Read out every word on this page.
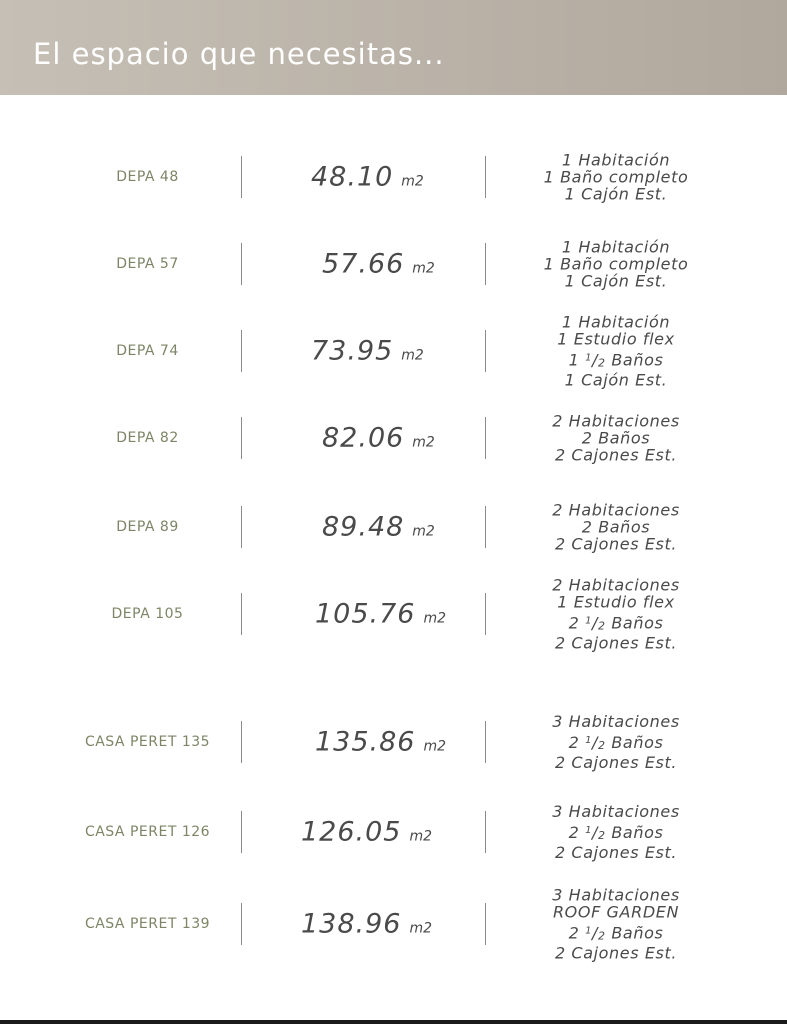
El espacio que necesitas...
DEPA 48	48.10 m2
1 Habitación
1 Baño completo
1 Cajón Est.
DEPA 57	57.66 m2
1 Habitación
1 Baño completo
1 Cajón Est.
DEPA 74	73.95 m2
1 Habitación
1 Estudio flex
1 $^1$/2 Baños
1 Cajón Est.
DEPA 82	82.06 m2
2 Habitaciones
2 Baños
2 Cajones Est.
DEPA 89	89.48 m2
2 Habitaciones
2 Baños
2 Cajones Est.
DEPA 105	105.76 m2
2 Habitaciones
1 Estudio flex
2 $^1$/2 Baños
2 Cajones Est.
CASA PERET 135	135.86 m2
3 Habitaciones
2 $^1$/2 Baños
2 Cajones Est.
CASA PERET 126	126.05 m2
3 Habitaciones
2 $^1$/2 Baños
2 Cajones Est.
CASA PERET 139	138.96 m2
3 Habitaciones
ROOF GARDEN
2 $^1$/2 Baños
2 Cajones Est.
